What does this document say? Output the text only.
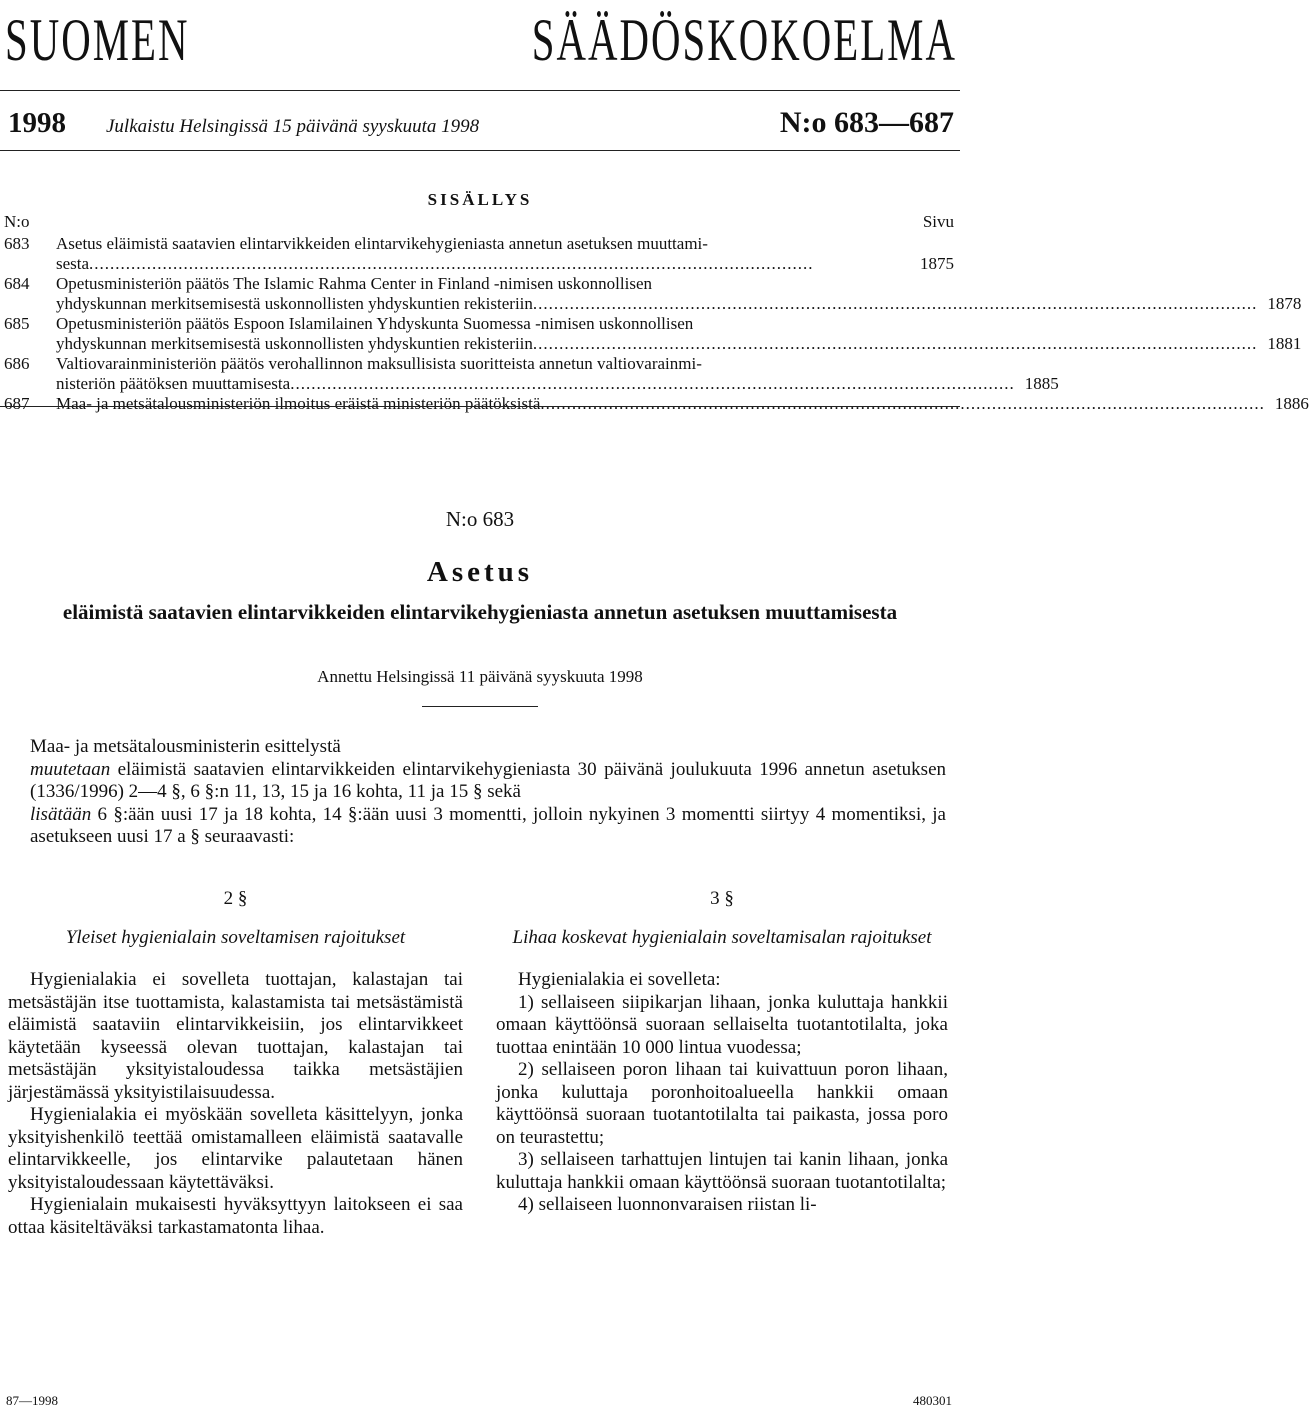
SUOMEN SÄÄDÖSKOKOELMA
1998 Julkaistu Helsingissä 15 päivänä syyskuuta 1998	N:o 683—687
SISÄLLYS
N:o	Sivu
683	Asetus eläimistä saatavien elintarvikkeiden elintarvikehygieniasta annetun asetuksen muuttami-
sesta ..........................................................................................................................................	1875
684	Opetusministeriön päätös The Islamic Rahma Center in Finland -nimisen uskonnollisen
yhdyskunnan merkitsemisestä uskonnollisten yhdyskuntien rekisteriin .......................................................................................................................................... 1878
685	Opetusministeriön päätös Espoon Islamilainen Yhdyskunta Suomessa -nimisen uskonnollisen
yhdyskunnan merkitsemisestä uskonnollisten yhdyskuntien rekisteriin .......................................................................................................................................... 1881
686	Valtiovarainministeriön päätös verohallinnon maksullisista suoritteista annetun valtiovarainmi-
nisteriön päätöksen muuttamisesta .......................................................................................................................................... 1885
687	Maa- ja metsätalousministeriön ilmoitus eräistä ministeriön päätöksistä .......................................................................................................................................... 1886
N:o 683
Asetus
eläimistä saatavien elintarvikkeiden elintarvikehygieniasta annetun asetuksen muuttamisesta
Annettu Helsingissä 11 päivänä syyskuuta 1998

Maa- ja metsätalousministerin esittelystä

muutetaan eläimistä saatavien elintarvikkeiden elintarvikehygieniasta 30 päivänä joulukuuta 1996 annetun asetuksen (1336/1996) 2—4 §, 6 §:n 11, 13, 15 ja 16 kohta, 11 ja 15 § sekä

lisätään 6 §:ään uusi 17 ja 18 kohta, 14 §:ään uusi 3 momentti, jolloin nykyinen 3 momentti siirtyy 4 momentiksi, ja asetukseen uusi 17 a § seuraavasti:

2 §
Yleiset hygienialain soveltamisen rajoitukset

Hygienialakia ei sovelleta tuottajan, kalastajan tai metsästäjän itse tuottamista, kalastamista tai metsästämistä eläimistä saataviin elintarvikkeisiin, jos elintarvikkeet käytetään kyseessä olevan tuottajan, kalastajan tai metsästäjän yksityistaloudessa taikka metsästäjien järjestämässä yksityistilaisuudessa.

Hygienialakia ei myöskään sovelleta käsittelyyn, jonka yksityishenkilö teettää omistamalleen eläimistä saatavalle elintarvikkeelle, jos elintarvike palautetaan hänen yksityistaloudessaan käytettäväksi.

Hygienialain mukaisesti hyväksyttyyn laitokseen ei saa ottaa käsiteltäväksi tarkastamatonta lihaa.

3 §
Lihaa koskevat hygienialain soveltamisalan rajoitukset

Hygienialakia ei sovelleta:

1) sellaiseen siipikarjan lihaan, jonka kuluttaja hankkii omaan käyttöönsä suoraan sellaiselta tuotantotilalta, joka tuottaa enintään 10 000 lintua vuodessa;

2) sellaiseen poron lihaan tai kuivattuun poron lihaan, jonka kuluttaja poronhoitoalueella hankkii omaan käyttöönsä suoraan tuotantotilalta tai paikasta, jossa poro on teurastettu;

3) sellaiseen tarhattujen lintujen tai kanin lihaan, jonka kuluttaja hankkii omaan käyttöönsä suoraan tuotantotilalta;

4) sellaiseen luonnonvaraisen riistan li-

87—1998	480301
